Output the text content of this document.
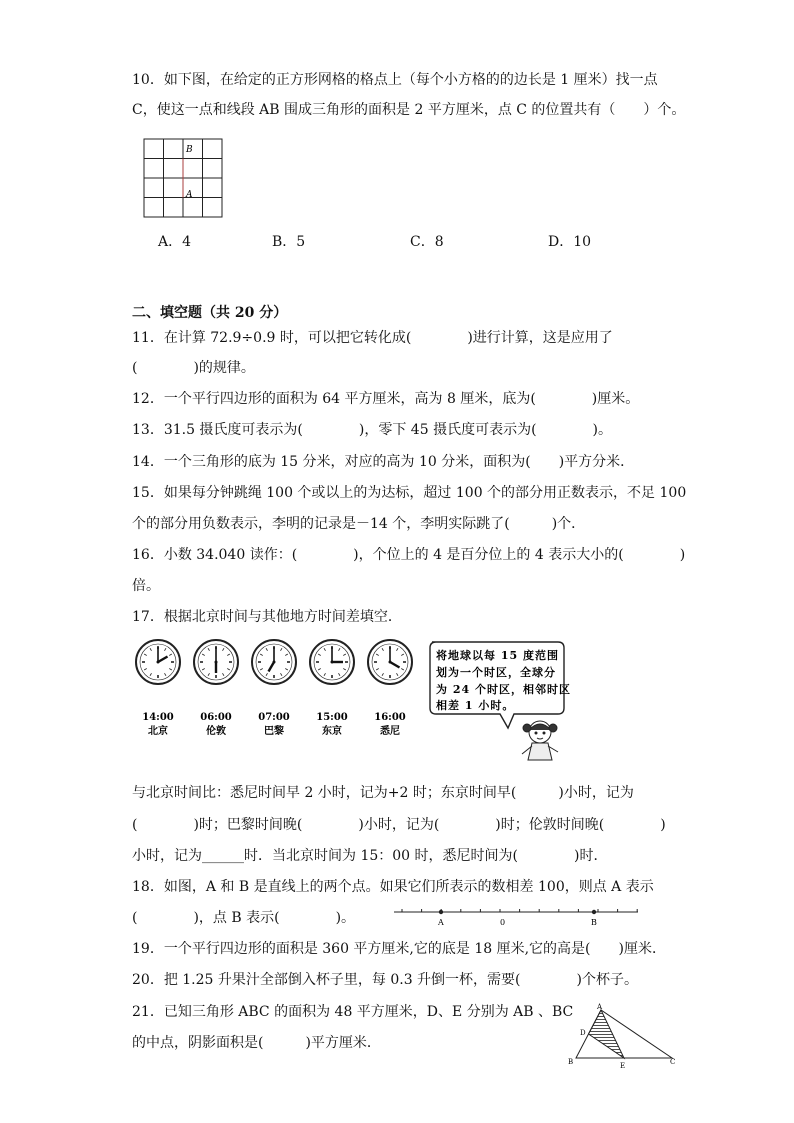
10．如下图，在给定的正方形网格的格点上（每个小方格的的边长是 1 厘米）找一点
C，使这一点和线段 AB 围成三角形的面积是 2 平方厘米，点 C 的位置共有（　　）个。
B
A
A．4	B．5	C．8	D．10
二、填空题（共 20 分）
11．在计算 72.9÷0.9 时，可以把它转化成(　　　　)进行计算，这是应用了
(　　　　)的规律。
12．一个平行四边形的面积为 64 平方厘米，高为 8 厘米，底为(　　　　)厘米。
13．31.5 摄氏度可表示为(　　　　)，零下 45 摄氏度可表示为(　　　　)。
14．一个三角形的底为 15 分米，对应的高为 10 分米，面积为(　　)平方分米．
15．如果每分钟跳绳 100 个或以上的为达标，超过 100 个的部分用正数表示，不足 100
个的部分用负数表示，李明的记录是－14 个，李明实际跳了(　　　)个．
16．小数 34.040 读作：(　　　　)，个位上的 4 是百分位上的 4 表示大小的(　　　　)
倍。
17．根据北京时间与其他地方时间差填空．
14:00
北京
06:00
伦敦
07:00
巴黎
15:00
东京
16:00
悉尼
将地球以每 15 度范围
划为一个时区，全球分
为 24 个时区，相邻时区
相差 1 小时。
与北京时间比：悉尼时间早 2 小时，记为+2 时；东京时间早(　　　)小时，记为
(　　　　)时；巴黎时间晚(　　　　)小时，记为(　　　　)时；伦敦时间晚(　　　　)
小时，记为______时．当北京时间为 15：00 时，悉尼时间为(　　　　)时．
18．如图，A 和 B 是直线上的两个点。如果它们所表示的数相差 100，则点 A 表示
(　　　　)，点 B 表示(　　　　)。	A	0	B
19．一个平行四边形的面积是 360 平方厘米,它的底是 18 厘米,它的高是(　　)厘米．
20．把 1.25 升果汁全部倒入杯子里，每 0.3 升倒一杯，需要(　　　　)个杯子。
21．已知三角形 ABC 的面积为 48 平方厘米，D、E 分别为 AB 、BC
的中点，阴影面积是(　　　)平方厘米．
A
B	C
D
E
